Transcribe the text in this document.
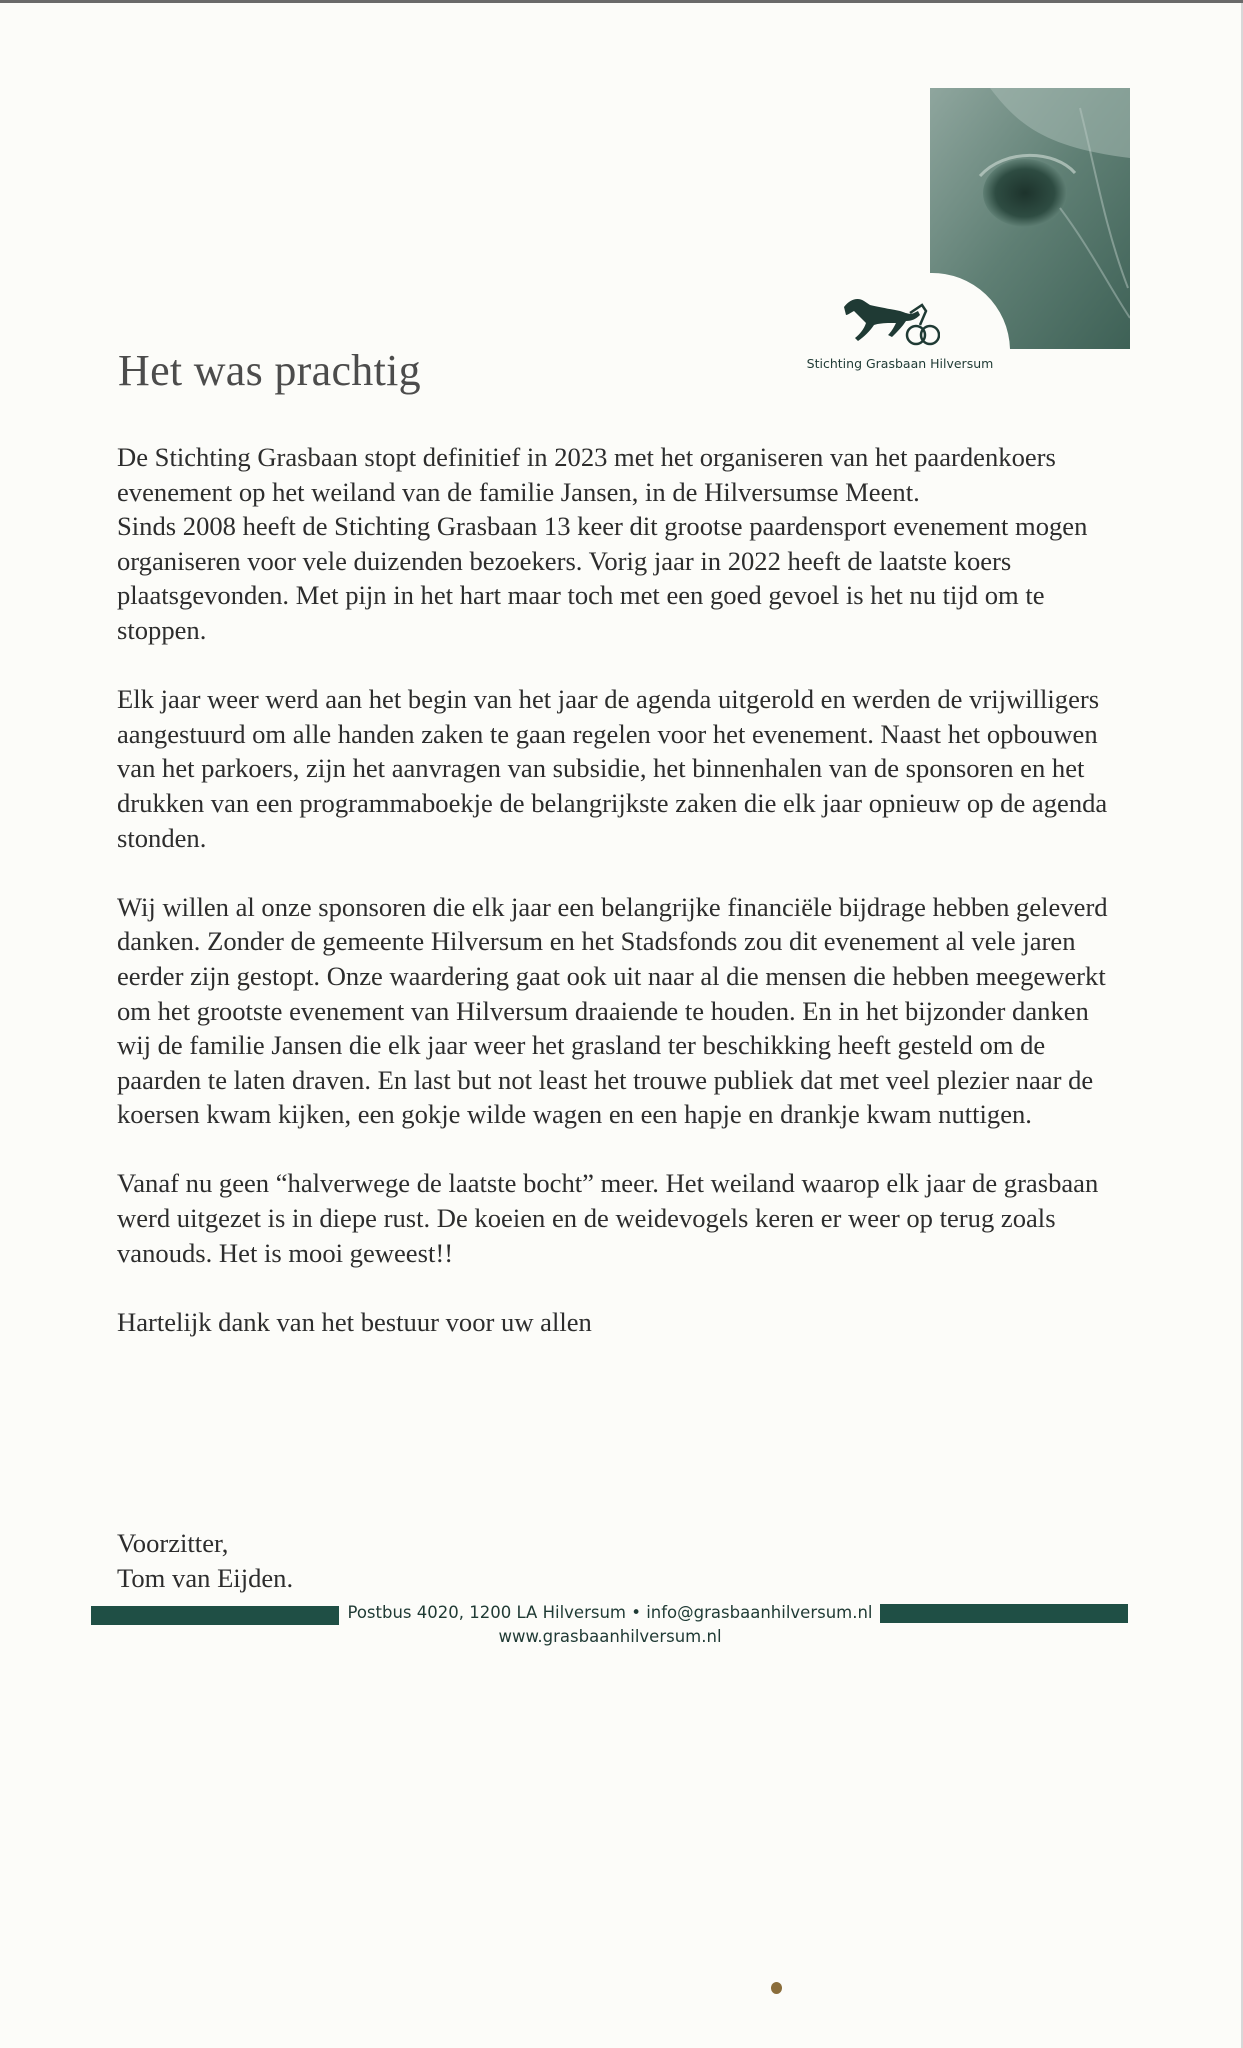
Stichting Grasbaan Hilversum
Het was prachtig

De Stichting Grasbaan stopt definitief in 2023 met het organiseren van het paardenkoers evenement op het weiland van de familie Jansen, in de Hilversumse Meent.

Sinds 2008 heeft de Stichting Grasbaan 13 keer dit grootse paardensport evenement mogen organiseren voor vele duizenden bezoekers. Vorig jaar in 2022 heeft de laatste koers plaatsgevonden. Met pijn in het hart maar toch met een goed gevoel is het nu tijd om te stoppen.

Elk jaar weer werd aan het begin van het jaar de agenda uitgerold en werden de vrijwilligers aangestuurd om alle handen zaken te gaan regelen voor het evenement. Naast het opbouwen van het parkoers, zijn het aanvragen van subsidie, het binnenhalen van de sponsoren en het drukken van een programmaboekje de belangrijkste zaken die elk jaar opnieuw op de agenda stonden.

Wij willen al onze sponsoren die elk jaar een belangrijke financiële bijdrage hebben geleverd danken. Zonder de gemeente Hilversum en het Stadsfonds zou dit evenement al vele jaren eerder zijn gestopt. Onze waardering gaat ook uit naar al die mensen die hebben meegewerkt om het grootste evenement van Hilversum draaiende te houden. En in het bijzonder danken wij de familie Jansen die elk jaar weer het grasland ter beschikking heeft gesteld om de paarden te laten draven. En last but not least het trouwe publiek dat met veel plezier naar de koersen kwam kijken, een gokje wilde wagen en een hapje en drankje kwam nuttigen.

Vanaf nu geen “halverwege de laatste bocht” meer. Het weiland waarop elk jaar de grasbaan werd uitgezet is in diepe rust. De koeien en de weidevogels keren er weer op terug zoals vanouds. Het is mooi geweest!!

Hartelijk dank van het bestuur voor uw allen

Voorzitter,
Tom van Eijden.
Postbus 4020, 1200 LA Hilversum • info@grasbaanhilversum.nl
www.grasbaanhilversum.nl
